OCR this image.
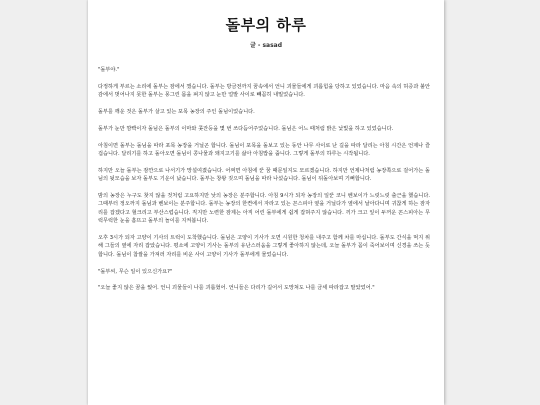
돌부의 하루
글 - sasad

"돌부야."

다정하게 부르는 소리에 돌부는 잠에서 깼습니다. 돌부는 방금전까지 꿈속에서 언니 괴물들에게 괴롭힘을 당하고 있었습니다. 마음 속의 허증과 불안감에서 벗어나지 못한 돌부는 몽그린 몸을 펴지 않고 눈만 얼발 사이로 빼꼼히 내밀었습니다.

돌부를 깨운 것은 돌부가 살고 있는 포목 농장의 주인 돌님이었습니다.

돌부가 눈만 깜빡이자 돌님은 돌부의 이마와 콧잔등을 몇 번 쓰다듬어주었습니다. 돌님은 어느 때처럼 밝은 낯빛을 하고 있었습니다.

아침이면 돌부는 돌님을 따라 포목 농장을 거닐곤 합니다. 돌님이 포목을 돌보고 있는 동안 나무 사이로 난 길을 따라 달리는 아침 시간은 언제나 즐겁습니다. 달리기를 하고 돌아오면 돌님이 콩나물과 돼지고기를 삶아 아침밥을 줍니다. 그렇게 돌부의 하루는 시작됩니다.

하지만 오늘 돌부는 잠깐으로 나서기가 망설여졌습니다. 어쩌면 아침에 꾼 꿈 때문일지도 모르겠습니다. 하지만 언제나처럼 농장쪽으로 걸어가는 돌님의 뒷모습을 보자 돌부도 기운이 났습니다. 돌부는 창왕 짖으며 돌님을 따라 나섰습니다. 돌님이 뒤돌아보며 기뻐합니다.

밤의 농장은 누구도 찾지 않을 것처럼 고요하지만 낮의 농장은 분주합니다. 아침 9시가 되자 농장의 일꾼 코니 벤보이가 느릿느릿 출근을 했습니다. 그때부터 정오까지 돌님과 벤보이는 분주합니다. 돌부는 농장의 한켠에서 자라고 있는 꼰스피아 옆을 거닐다가 옆에서 날아다니며 귀찮게 하는 잠자리를 잡겠다고 헐크리고 부산스럽습니다. 직지만 노련한 잠제는 아직 어린 돌부에게 쉽게 잡혀주지 않습니다. 끼가 크고 잎이 두꺼운 꼰스피아는 무럭무럭한 눈을 흠뜨고 돌부의 놀이를 지켜봅니다.

오후 3시가 되자 고양이 기사의 트럭이 도착했습니다. 돌님은 고양이 기사가 오면 시원한 청차를 내주고 함께 차를 마십니다. 돌부도 간식을 먹지 위해 그들의 옆에 자리 잡았습니다. 평소에 고양이 기사는 돌부의 유난스러움을 그렇게 좋아하지 않는데, 오늘 돌부가 꼼이 죽어보이며 신경을 쓰는 듯합니다. 돌님이 찹쌀을 가져러 자리를 비운 사이 고양이 기사가 돌부에게 물었습니다.

"돌부씨, 무슨 일이 있으신가요?"

"오늘 좋지 않은 꿈을 꿨어. 언니 괴물들이 나를 괴롭혔어. 언니들은 다리가 길어서 도망쳐도 나를 금세 따라잡고 말았었어."
